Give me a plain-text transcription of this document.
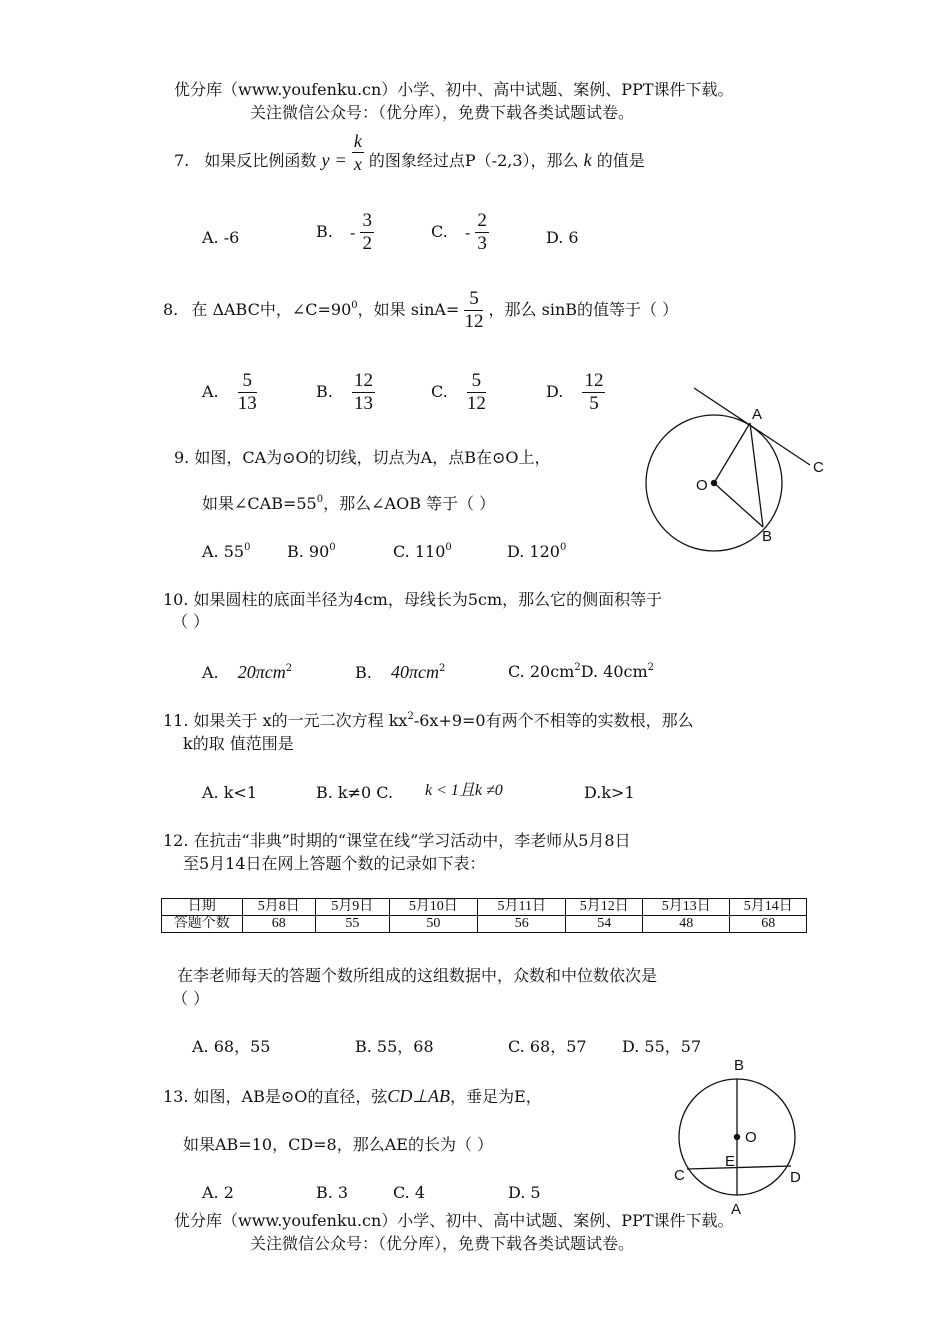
优分库（www.youfenku.cn）小学、初中、高中试题、案例、PPT课件下载。
关注微信公众号：（优分库），免费下载各类试题试卷。
7. 如果反比例函数 $y = \frac{k}{x}$ 的图象经过点P（-2,3），那么 k 的值是
A. -6	B. - $\frac{3}{2}$	C. - $\frac{2}{3}$	D. 6
8. 在 ΔABC中，$\angle C=90^0$，如果 $\sin A= \frac{5}{12}$ ，那么 sinB的值等于（ ）
A. $\frac{5}{13}$	B. $\frac{12}{13}$	C. $\frac{5}{12}$	D. $\frac{12}{5}$
9. 如图，CA为⊙O的切线，切点为A，点B在⊙O上，
如果$\angle CAB=55^0$，那么∠AOB 等于（ ）
A. $55^0$ B. $90^0$	C. $110^0$	D. $120^0$
A
C
O
B
10. 如果圆柱的底面半径为4cm，母线长为5cm，那么它的侧面积等于
（ ）
A. 20πcm$^2$	B. 40πcm$^2$	C. $20cm^2D$. $40cm^2$
11. 如果关于 x的一元二次方程 $kx^2-6x+9=0$有两个不相等的实数根，那么
k的取 值范围是
A. k<1	B. k≠0 C. k < 1且k ≠0	D.k>1
12. 在抗击“非典”时期的“课堂在线”学习活动中，李老师从5月8日
至5月14日在网上答题个数的记录如下表：
日期	5月8日	5月9日	5月10日	5月11日	5月12日	5月13日	5月14日
答题个数	68	55	50	56	54	48	68
在李老师每天的答题个数所组成的这组数据中，众数和中位数依次是
（ ）
A. 68，55	B. 55，68	C. 68，57 D. 55，57
13. 如图，AB是⊙O的直径，弦CD⊥AB，垂足为E，
如果AB=10，CD=8，那么AE的长为（ ）
A. 2	B. 3	C. 4	D. 5
B
O
E
C	D
A
优分库（www.youfenku.cn）小学、初中、高中试题、案例、PPT课件下载。
关注微信公众号：（优分库），免费下载各类试题试卷。
